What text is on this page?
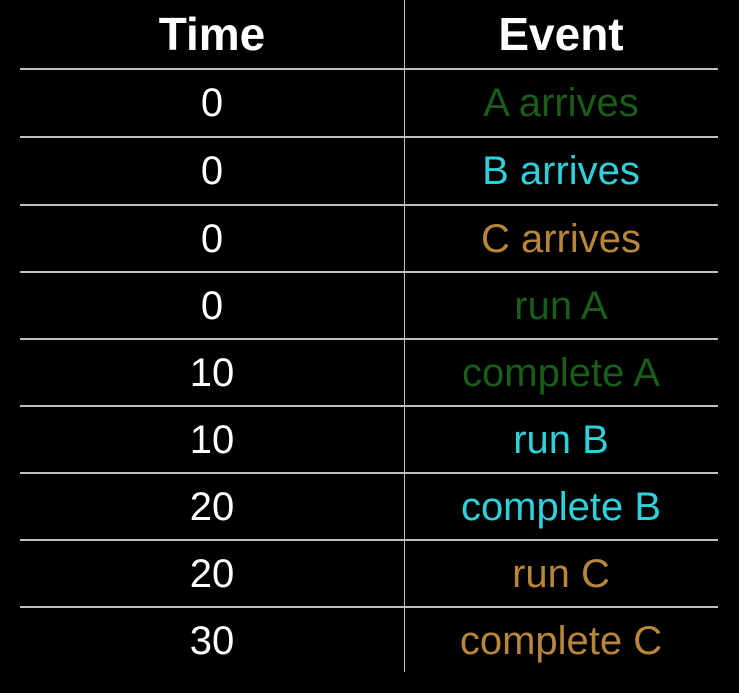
Time	Event
0	A arrives
0	B arrives
0	C arrives
0	run A
10	complete A
10	run B
20	complete B
20	run C
30	complete C
